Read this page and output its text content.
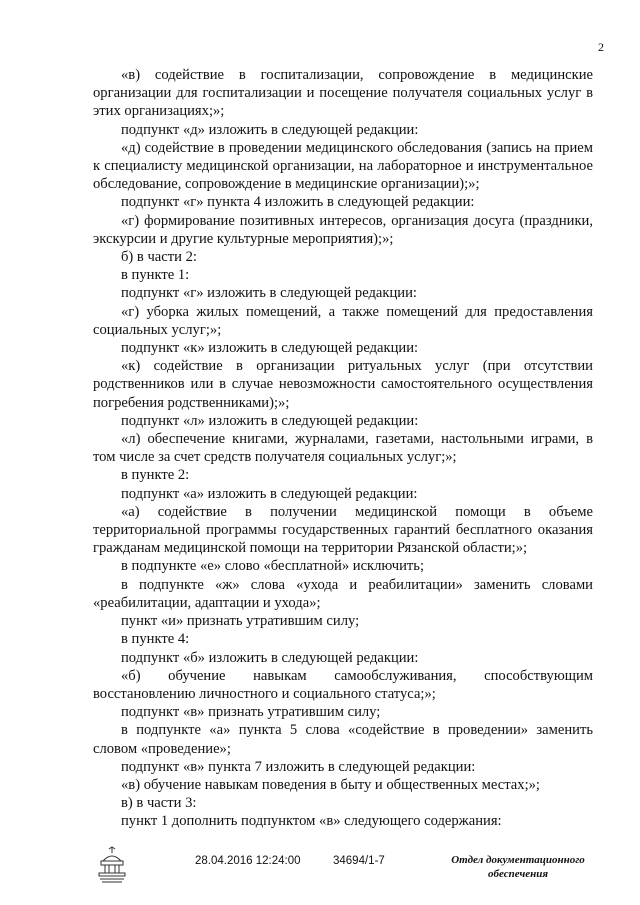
2

«в) содействие в госпитализации, сопровождение в медицинские организации для госпитализации и посещение получателя социальных услуг в этих организациях;»;

подпункт «д» изложить в следующей редакции:

«д) содействие в проведении медицинского обследования (запись на прием к специалисту медицинской организации, на лабораторное и инструментальное обследование, сопровождение в медицинские организации);»;

подпункт «г» пункта 4 изложить в следующей редакции:

«г) формирование позитивных интересов, организация досуга (праздники, экскурсии и другие культурные мероприятия);»;

б) в части 2:

в пункте 1:

подпункт «г» изложить в следующей редакции:

«г) уборка жилых помещений, а также помещений для предоставления социальных услуг;»;

подпункт «к» изложить в следующей редакции:

«к) содействие в организации ритуальных услуг (при отсутствии родственников или в случае невозможности самостоятельного осуществления погребения родственниками);»;

подпункт «л» изложить в следующей редакции:

«л) обеспечение книгами, журналами, газетами, настольными играми, в том числе за счет средств получателя социальных услуг;»;

в пункте 2:

подпункт «а» изложить в следующей редакции:

«а) содействие в получении медицинской помощи в объеме территориальной программы государственных гарантий бесплатного оказания гражданам медицинской помощи на территории Рязанской области;»;

в подпункте «е» слово «бесплатной» исключить;

в подпункте «ж» слова «ухода и реабилитации» заменить словами «реабилитации, адаптации и ухода»;

пункт «и» признать утратившим силу;

в пункте 4:

подпункт «б» изложить в следующей редакции:

«б) обучение навыкам самообслуживания, способствующим восстановлению личностного и социального статуса;»;

подпункт «в» признать утратившим силу;

в подпункте «а» пункта 5 слова «содействие в проведении» заменить словом «проведение»;

подпункт «в» пункта 7 изложить в следующей редакции:

«в) обучение навыкам поведения в быту и общественных местах;»;

в) в части 3:

пункт 1 дополнить подпунктом «в» следующего содержания:

28.04.2016 12:24:00	34694/1-7	Отдел документационного
обеспечения
